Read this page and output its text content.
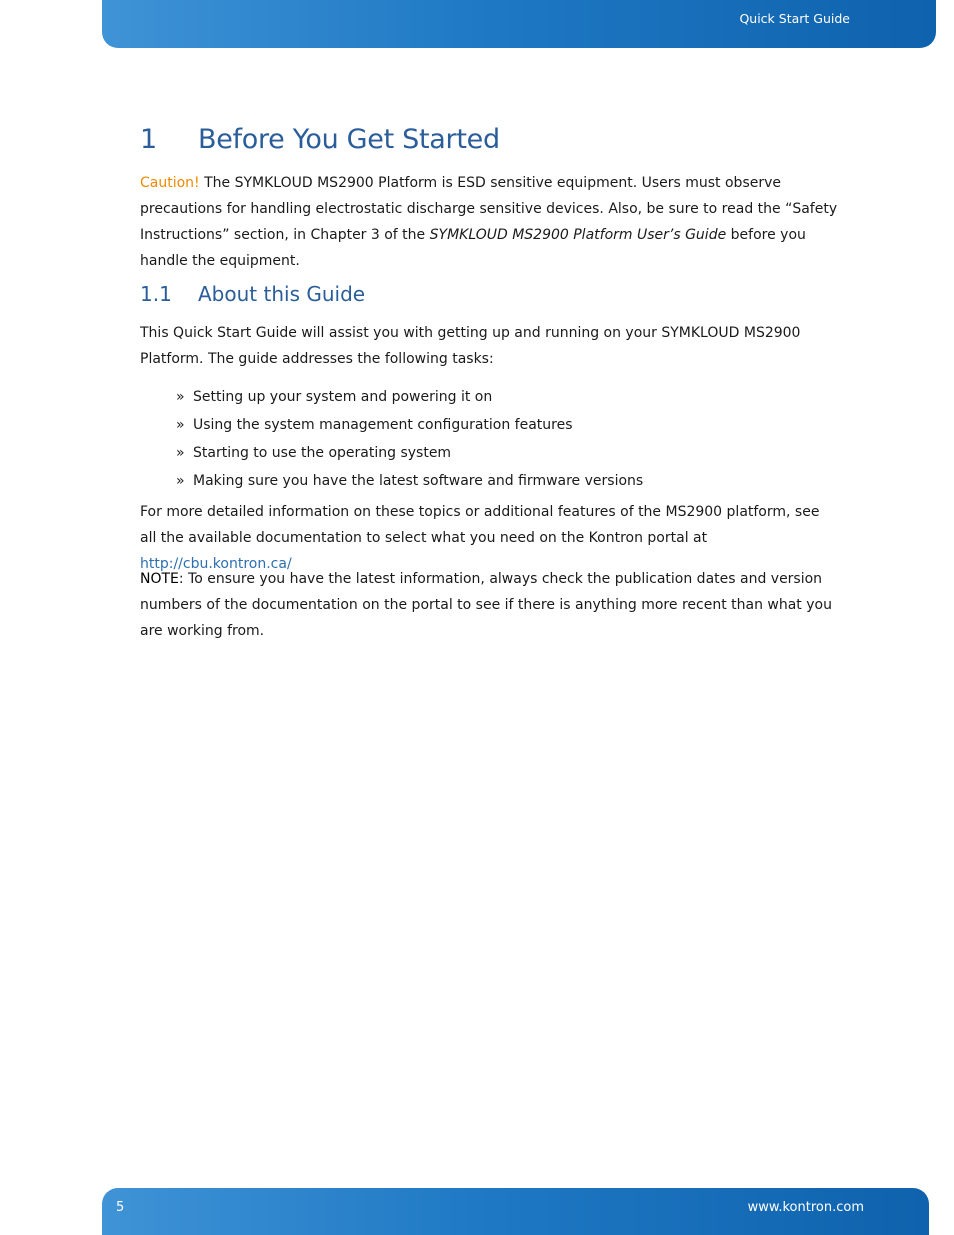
Quick Start Guide
1 Before You Get Started

Caution! The SYMKLOUD MS2900 Platform is ESD sensitive equipment. Users must observe precautions for handling electrostatic discharge sensitive devices. Also, be sure to read the “Safety Instructions” section, in Chapter 3 of the SYMKLOUD MS2900 Platform User’s Guide before you handle the equipment.

1.1 About this Guide

This Quick Start Guide will assist you with getting up and running on your SYMKLOUD MS2900 Platform. The guide addresses the following tasks:

» Setting up your system and powering it on
» Using the system management configuration features
» Starting to use the operating system
» Making sure you have the latest software and firmware versions

For more detailed information on these topics or additional features of the MS2900 platform, see all the available documentation to select what you need on the Kontron portal at http://cbu.kontron.ca/

NOTE: To ensure you have the latest information, always check the publication dates and version numbers of the documentation on the portal to see if there is anything more recent than what you are working from.

5	www.kontron.com
